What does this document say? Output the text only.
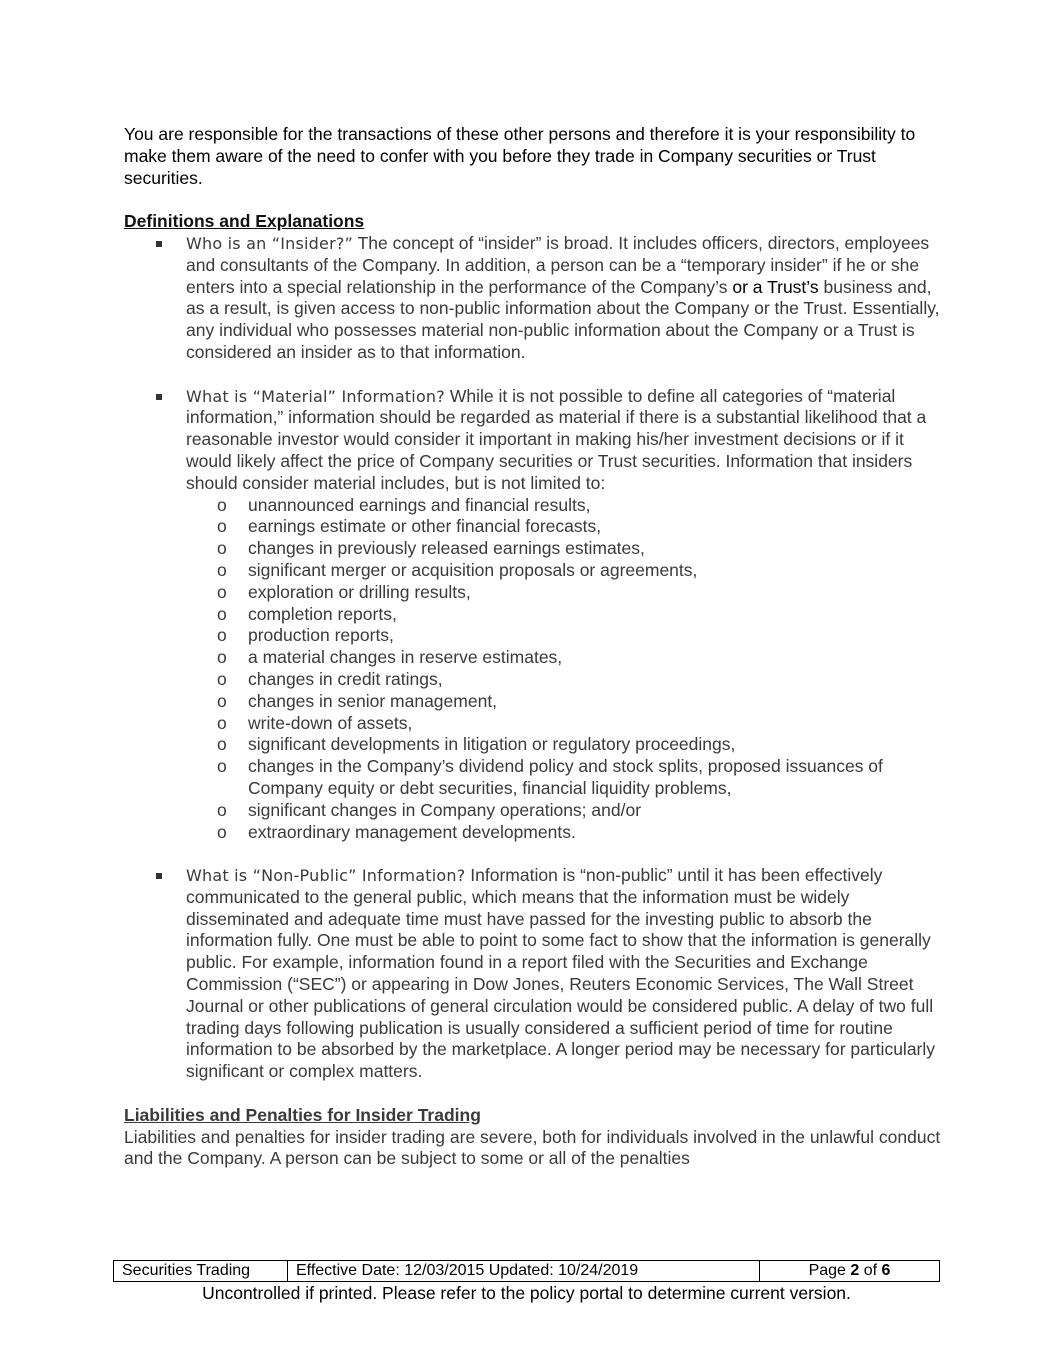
You are responsible for the transactions of these other persons and therefore it is your responsibility to make them aware of the need to confer with you before they trade in Company securities or Trust securities.

Definitions and Explanations

Who is an “Insider?” The concept of “insider” is broad. It includes officers, directors, employees and consultants of the Company. In addition, a person can be a “temporary insider” if he or she enters into a special relationship in the performance of the Company’s or a Trust’s business and, as a result, is given access to non-public information about the Company or the Trust. Essentially, any individual who possesses material non-public information about the Company or a Trust is considered an insider as to that information.

What is “Material” Information? While it is not possible to define all categories of “material information,” information should be regarded as material if there is a substantial likelihood that a reasonable investor would consider it important in making his/her investment decisions or if it would likely affect the price of Company securities or Trust securities. Information that insiders should consider material includes, but is not limited to:

o unannounced earnings and financial results,
o earnings estimate or other financial forecasts,
o changes in previously released earnings estimates,
o significant merger or acquisition proposals or agreements,
o exploration or drilling results,
o completion reports,
o production reports,
o a material changes in reserve estimates,
o changes in credit ratings,
o changes in senior management,
o write-down of assets,
o significant developments in litigation or regulatory proceedings,
o changes in the Company’s dividend policy and stock splits, proposed issuances of Company equity or debt securities, financial liquidity problems,
o significant changes in Company operations; and/or
o extraordinary management developments.

What is “Non-Public” Information? Information is “non-public” until it has been effectively communicated to the general public, which means that the information must be widely disseminated and adequate time must have passed for the investing public to absorb the information fully. One must be able to point to some fact to show that the information is generally public. For example, information found in a report filed with the Securities and Exchange Commission (“SEC”) or appearing in Dow Jones, Reuters Economic Services, The Wall Street Journal or other publications of general circulation would be considered public. A delay of two full trading days following publication is usually considered a sufficient period of time for routine information to be absorbed by the marketplace. A longer period may be necessary for particularly significant or complex matters.

Liabilities and Penalties for Insider Trading

Liabilities and penalties for insider trading are severe, both for individuals involved in the unlawful conduct and the Company. A person can be subject to some or all of the penalties

Securities Trading	Effective Date: 12/03/2015 Updated: 10/24/2019	Page 2 of 6
Uncontrolled if printed. Please refer to the policy portal to determine current version.
